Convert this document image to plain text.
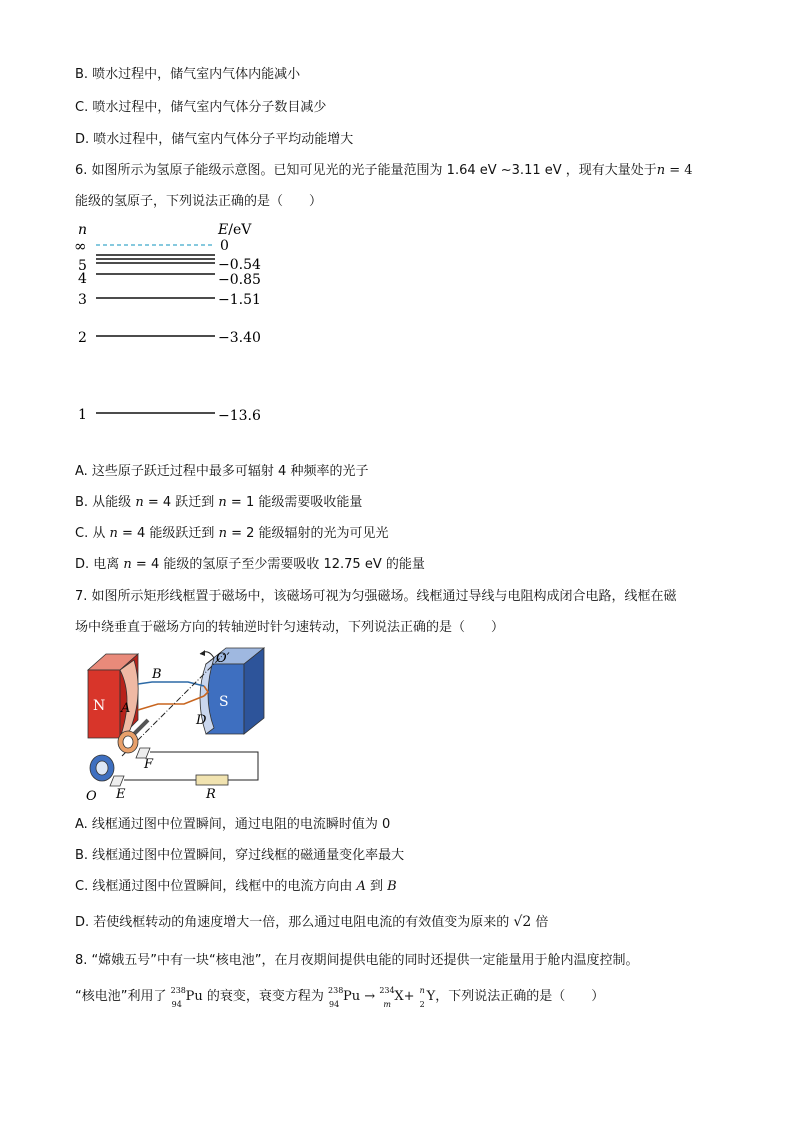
B. 喷水过程中，储气室内气体内能减小
C. 喷水过程中，储气室内气体分子数目减少
D. 喷水过程中，储气室内气体分子平均动能增大
6. 如图所示为氢原子能级示意图。已知可见光的光子能量范围为 1.64 eV ~3.11 eV ，现有大量处于n = 4
能级的氢原子，下列说法正确的是（　　）
n	E/eV
∞	0
5	−0.54
4	−0.85
3	−1.51
2	−3.40
1	−13.6
A. 这些原子跃迁过程中最多可辐射 4 种频率的光子
B. 从能级 n = 4 跃迁到 n = 1 能级需要吸收能量
C. 从 n = 4 能级跃迁到 n = 2 能级辐射的光为可见光
D. 电离 n = 4 能级的氢原子至少需要吸收 12.75 eV 的能量
7. 如图所示矩形线框置于磁场中，该磁场可视为匀强磁场。线框通过导线与电阻构成闭合电路，线框在磁
场中绕垂直于磁场方向的转轴逆时针匀速转动，下列说法正确的是（　　）
N	S
B
A
D
O′
F
E
O	R
A. 线框通过图中位置瞬间，通过电阻的电流瞬时值为 0
B. 线框通过图中位置瞬间，穿过线框的磁通量变化率最大
C. 线框通过图中位置瞬间，线框中的电流方向由 A 到 B
D. 若使线框转动的角速度增大一倍，那么通过电阻电流的有效值变为原来的 √2 倍
8. “嫦娥五号”中有一块“核电池”，在月夜期间提供电能的同时还提供一定能量用于舱内温度控制。
“核电池”利用了 238
94
Pu 的衰变，衰变方程为 238
94
Pu → 234
m
X+ n
2
Y，下列说法正确的是（　　）
